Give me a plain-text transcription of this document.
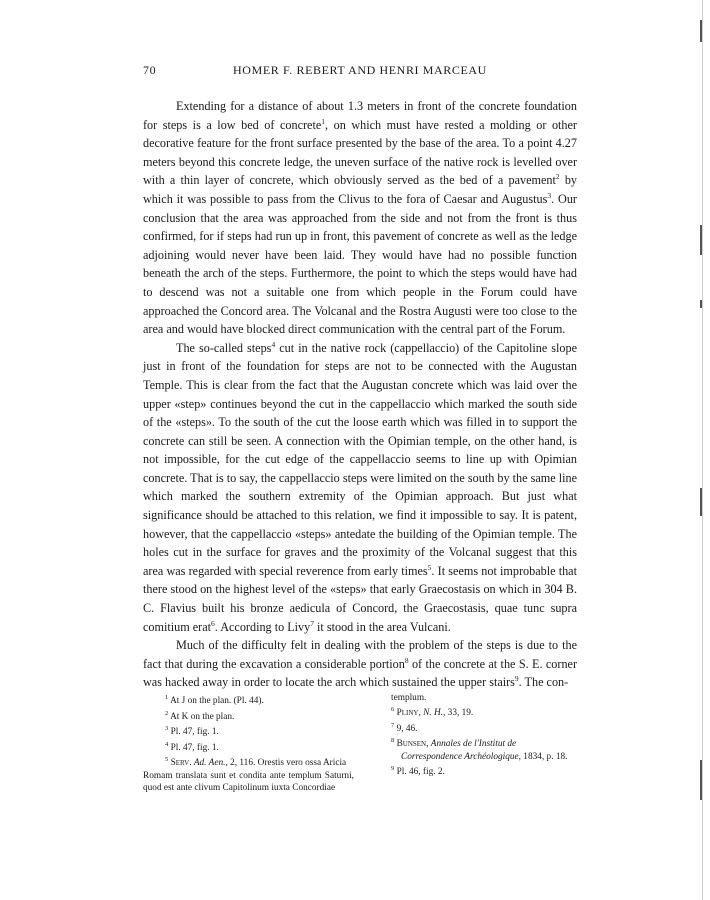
70	HOMER F. REBERT AND HENRI MARCEAU

Extending for a distance of about 1.3 meters in front of the concrete foundation for steps is a low bed of concrete$^1$, on which must have rested a molding or other decorative feature for the front surface presented by the base of the area. To a point 4.27 meters beyond this concrete ledge, the uneven surface of the native rock is levelled over with a thin layer of concrete, which obviously served as the bed of a pavement$^2$ by which it was possible to pass from the Clivus to the fora of Caesar and Augustus$^3$. Our conclusion that the area was approached from the side and not from the front is thus confirmed, for if steps had run up in front, this pavement of concrete as well as the ledge adjoining would never have been laid. They would have had no possible function beneath the arch of the steps. Furthermore, the point to which the steps would have had to descend was not a suitable one from which people in the Forum could have approached the Concord area. The Volcanal and the Rostra Augusti were too close to the area and would have blocked direct communication with the central part of the Forum.

The so-called steps$^4$ cut in the native rock (cappellaccio) of the Capitoline slope just in front of the foundation for steps are not to be connected with the Augustan Temple. This is clear from the fact that the Augustan concrete which was laid over the upper «step» continues beyond the cut in the cappellaccio which marked the south side of the «steps». To the south of the cut the loose earth which was filled in to support the concrete can still be seen. A connection with the Opimian temple, on the other hand, is not impossible, for the cut edge of the cappellaccio seems to line up with Opimian concrete. That is to say, the cappellaccio steps were limited on the south by the same line which marked the southern extremity of the Opimian approach. But just what significance should be attached to this relation, we find it impossible to say. It is patent, however, that the cappellaccio «steps» antedate the building of the Opimian temple. The holes cut in the surface for graves and the proximity of the Volcanal suggest that this area was regarded with special reverence from early times$^5$. It seems not improbable that there stood on the highest level of the «steps» that early Graecostasis on which in 304 B. C. Flavius built his bronze aedicula of Concord, the Graecostasis, quae tunc supra comitium erat$^6$. According to Livy$^7$ it stood in the area Vulcani.

Much of the difficulty felt in dealing with the problem of the steps is due to the fact that during the excavation a considerable portion$^8$ of the concrete at the S. E. corner was hacked away in order to locate the arch which sustained the upper stairs$^9$. The con-

$^1$ At J on the plan. (Pl. 44).

$^2$ At K on the plan.

$^3$ Pl. 47, fig. 1.

$^4$ Pl. 47, fig. 1.

$^5$ Serv. Ad. Aen., 2, 116. Orestis vero ossa Aricia

Romam translata sunt et condita ante templum Saturni, quod est ante clivum Capitolinum iuxta Concordiae

templum.

$^6$ Pliny, N. H., 33, 19.

$^7$ 9, 46.

$^8$ Bunsen, Annales de l'Institut de Correspondence Archéologique, 1834, p. 18.

$^9$ Pl. 46, fig. 2.
